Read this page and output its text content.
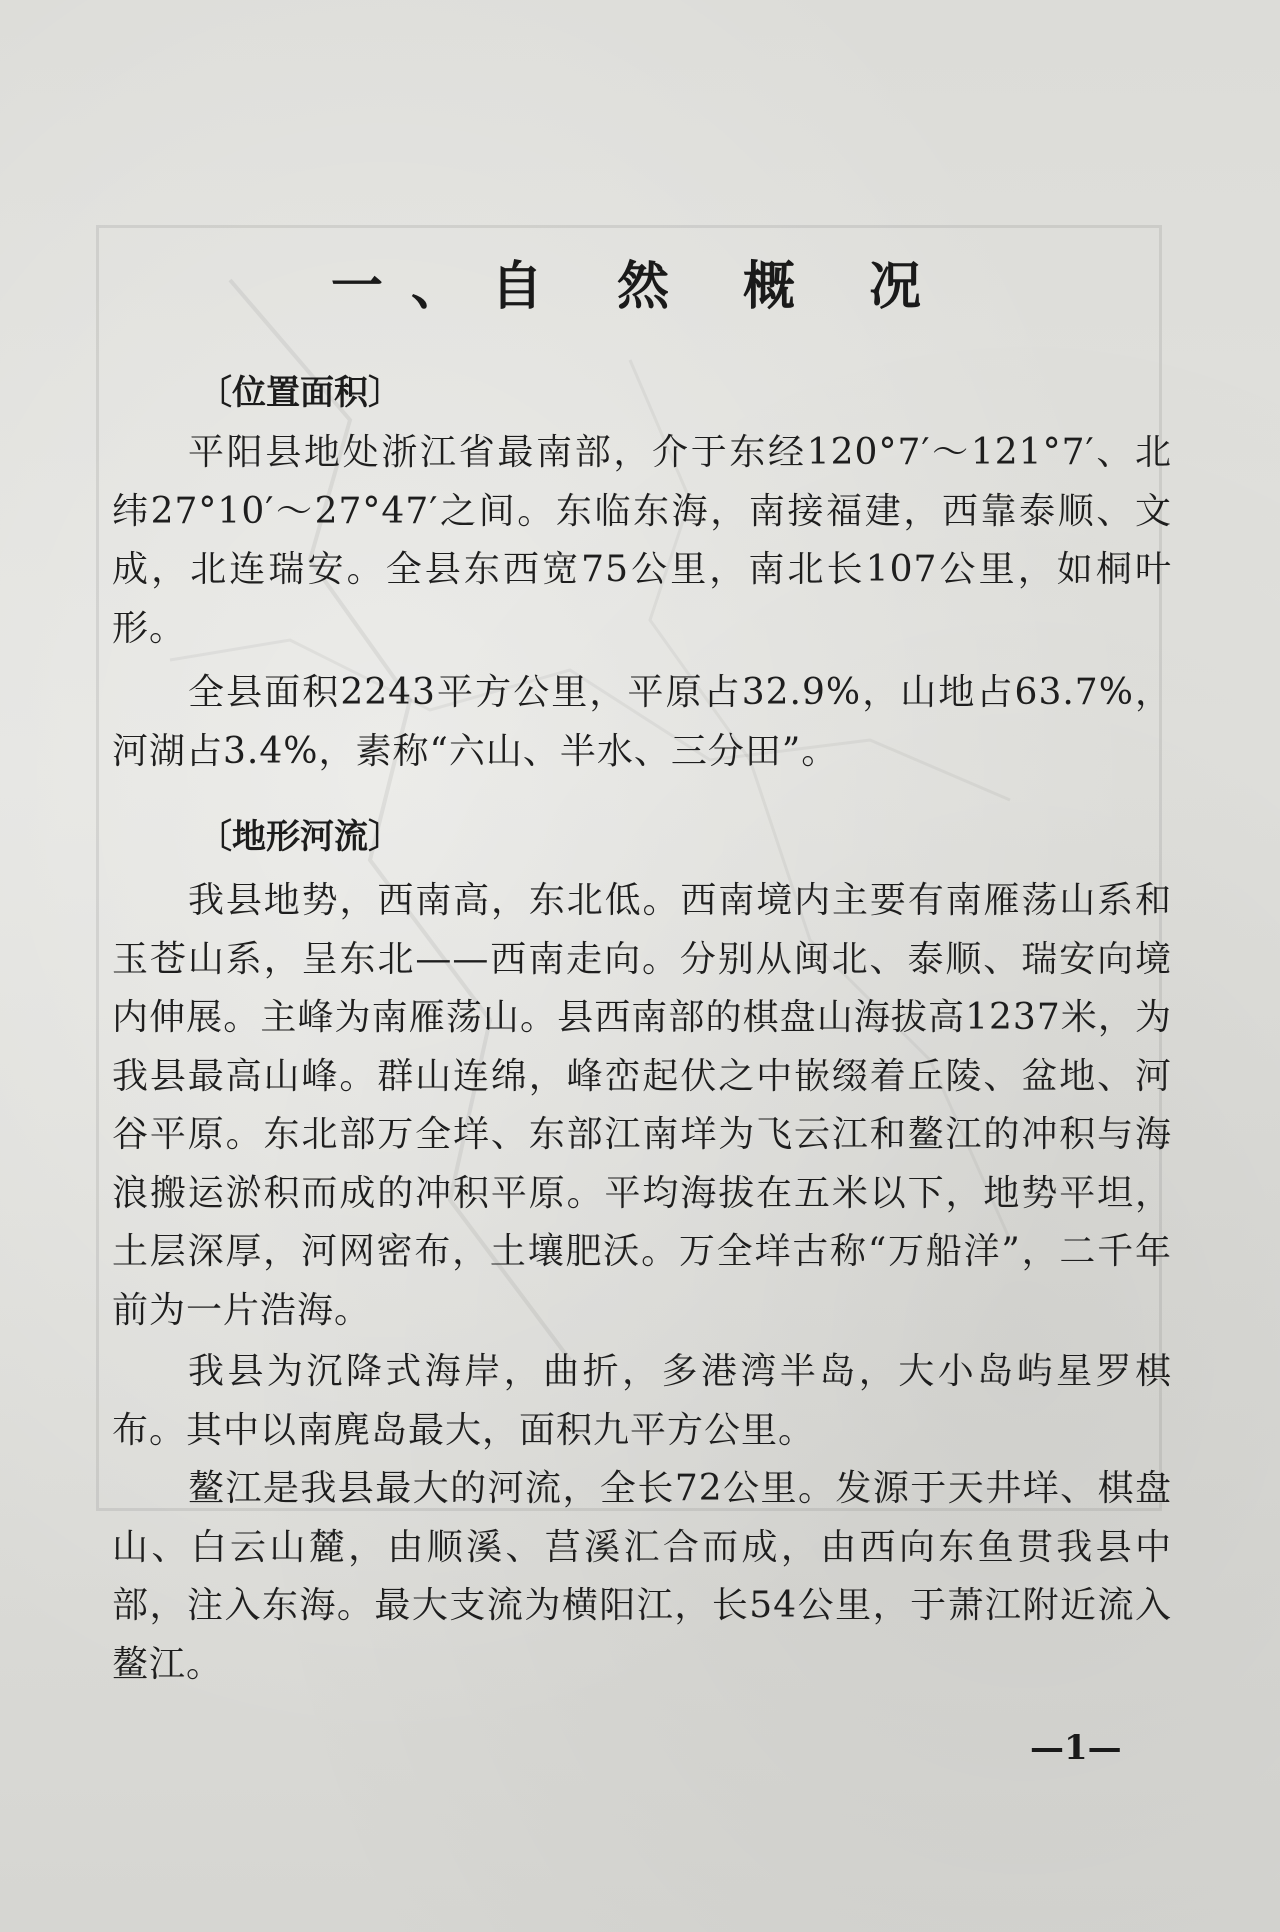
一、自 然 概 况
〔位置面积〕
平阳县地处浙江省最南部，介于东经120°7′～121°7′、北纬27°10′～27°47′之间。东临东海，南接福建，西靠泰顺、文成，北连瑞安。全县东西宽75公里，南北长107公里，如桐叶形。
全县面积2243平方公里，平原占32.9%，山地占63.7%，河湖占3.4%，素称“六山、半水、三分田”。
〔地形河流〕
我县地势，西南高，东北低。西南境内主要有南雁荡山系和玉苍山系，呈东北——西南走向。分别从闽北、泰顺、瑞安向境内伸展。主峰为南雁荡山。县西南部的棋盘山海拔高1237米，为我县最高山峰。群山连绵，峰峦起伏之中嵌缀着丘陵、盆地、河谷平原。东北部万全垟、东部江南垟为飞云江和鳌江的冲积与海浪搬运淤积而成的冲积平原。平均海拔在五米以下，地势平坦，土层深厚，河网密布，土壤肥沃。万全垟古称“万船洋”，二千年前为一片浩海。
我县为沉降式海岸，曲折，多港湾半岛，大小岛屿星罗棋布。其中以南麂岛最大，面积九平方公里。
鳌江是我县最大的河流，全长72公里。发源于天井垟、棋盘山、白云山麓，由顺溪、莒溪汇合而成，由西向东鱼贯我县中部，注入东海。最大支流为横阳江，长54公里，于萧江附近流入鳌江。
—1—
